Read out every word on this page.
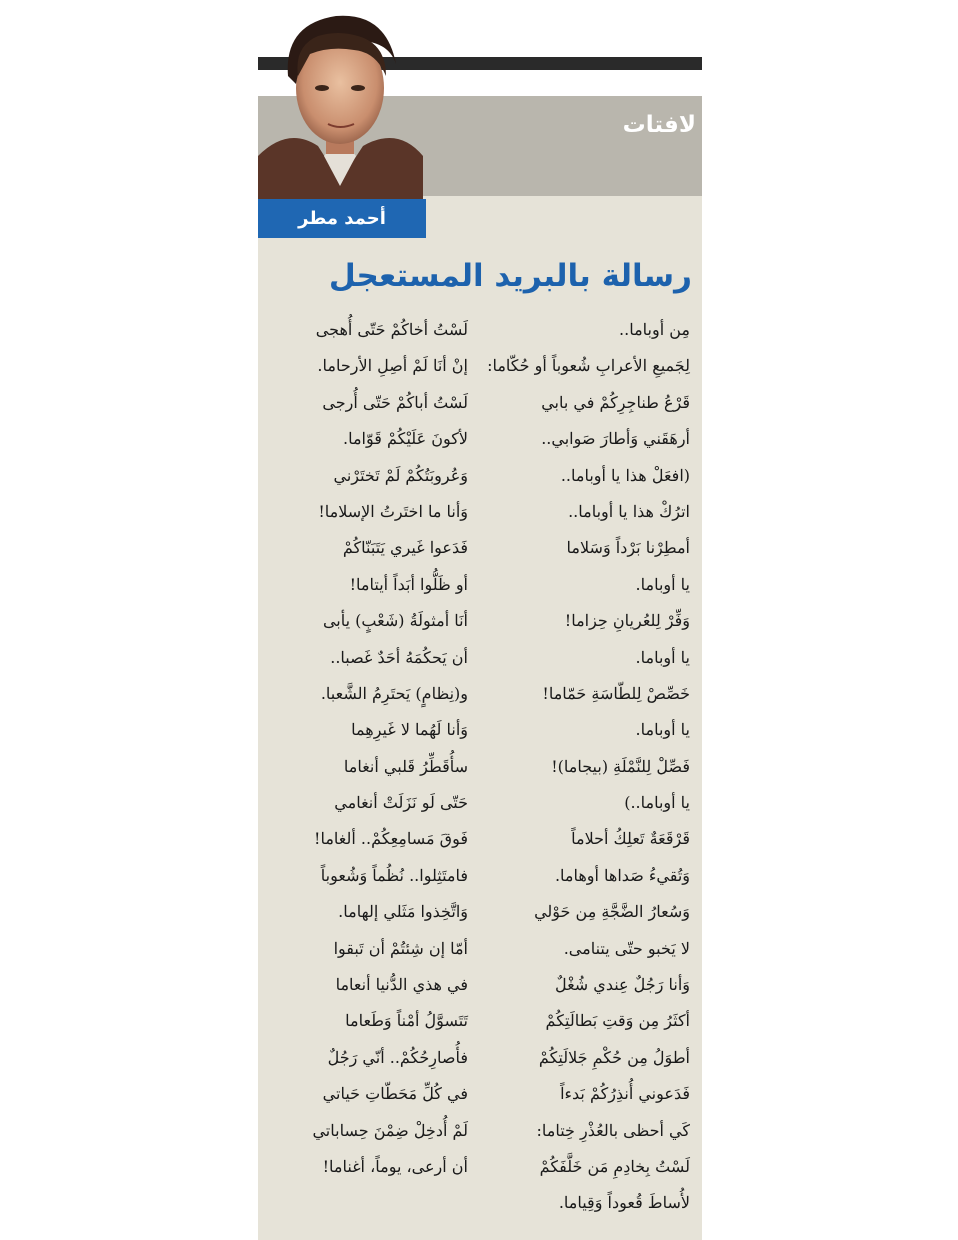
لافتات
أحمد مطر
رسالة بالبريد المستعجل
مِن أوباما..
لِجَميعِ الأعرابِ شُعوباً أو حُكّاما:
قَرْعُ طناجِرِكُمْ في بابي
أرهَقَني وَأطارَ صَوابي..
(افعَلْ هذا يا أوباما..
اترُكْ هذا يا أوباما..
أمطِرْنا بَرْداً وَسَلاما
يا أوباما.
وَفِّرْ لِلعُريانِ حِزاما!
يا أوباما.
خَصِّصْ لِلطّاسَةِ حَمّاما!
يا أوباما.
فَصِّلْ لِلنَّمْلَةِ (بيجاما)!
يا أوباما..)
قَرْقَعَةٌ تَعلِكُ أحلاماً
وَتُقيءُ صَداها أوهاما.
وَسُعارُ الضَّجَّةِ مِن حَوْلي
لا يَخبو حتّى يتنامى.
وَأنا رَجُلٌ عِندي شُغْلٌ
أكثَرُ مِن وَقتِ بَطالَتِكُمْ
أطوَلُ مِن حُكْمِ جَلالَتِكُمْ
فَدَعوني أُنذِرُكُمْ بَدءاً
كَي أحظى بالعُذْرِ خِتاما:
لَسْتُ بِخادِمِ مَن خَلَّفَكُمْ
لأُساطَ قُعوداً وَقِياما.
لَسْتُ أخاكُمْ حَتّى أُهجى
إنْ أنَا لَمْ أصِلِ الأرحاما.
لَسْتُ أباكُمْ حَتّى أُرجى
لأكونَ عَلَيْكُمْ قَوّاما.
وَعُروبَتُكُمْ لَمْ تَختَرْني
وَأنا ما اختَرتُ الإسلاما!
فَدَعوا غَيري يَتَبَنّاكُمْ
أو ظَلُّوا أبَداً أيتاما!
أنَا أمثولَةُ (شَعْبٍ) يأبى
أن يَحكُمَهُ أحَدٌ غَصبا..
و(نِظامٍ) يَحتَرِمُ الشَّعبا.
وَأنا لَهُما لا غَيرِهِما
سأُقَطِّرُ قَلبي أنغاما
حَتّى لَو نَزَلَتْ أنغامي
فَوقَ مَسامِعِكُمْ.. ألغاما!
فامتَثِلوا.. نُظُماً وَشُعوباً
وَاتَّخِذوا مَثَلي إلهاما.
أمّا إن شِئتُمْ أن تَبقوا
في هذي الدُّنيا أنعاما
تَتَسوَّلُ أمْناً وَطَعاما
فأُصارِحُكُمْ.. أنّي رَجُلٌ
في كُلِّ مَحَطّاتِ حَياتي
لَمْ أُدخِلْ ضِمْنَ حِساباتي
أن أرعى، يوماً، أغناما!
